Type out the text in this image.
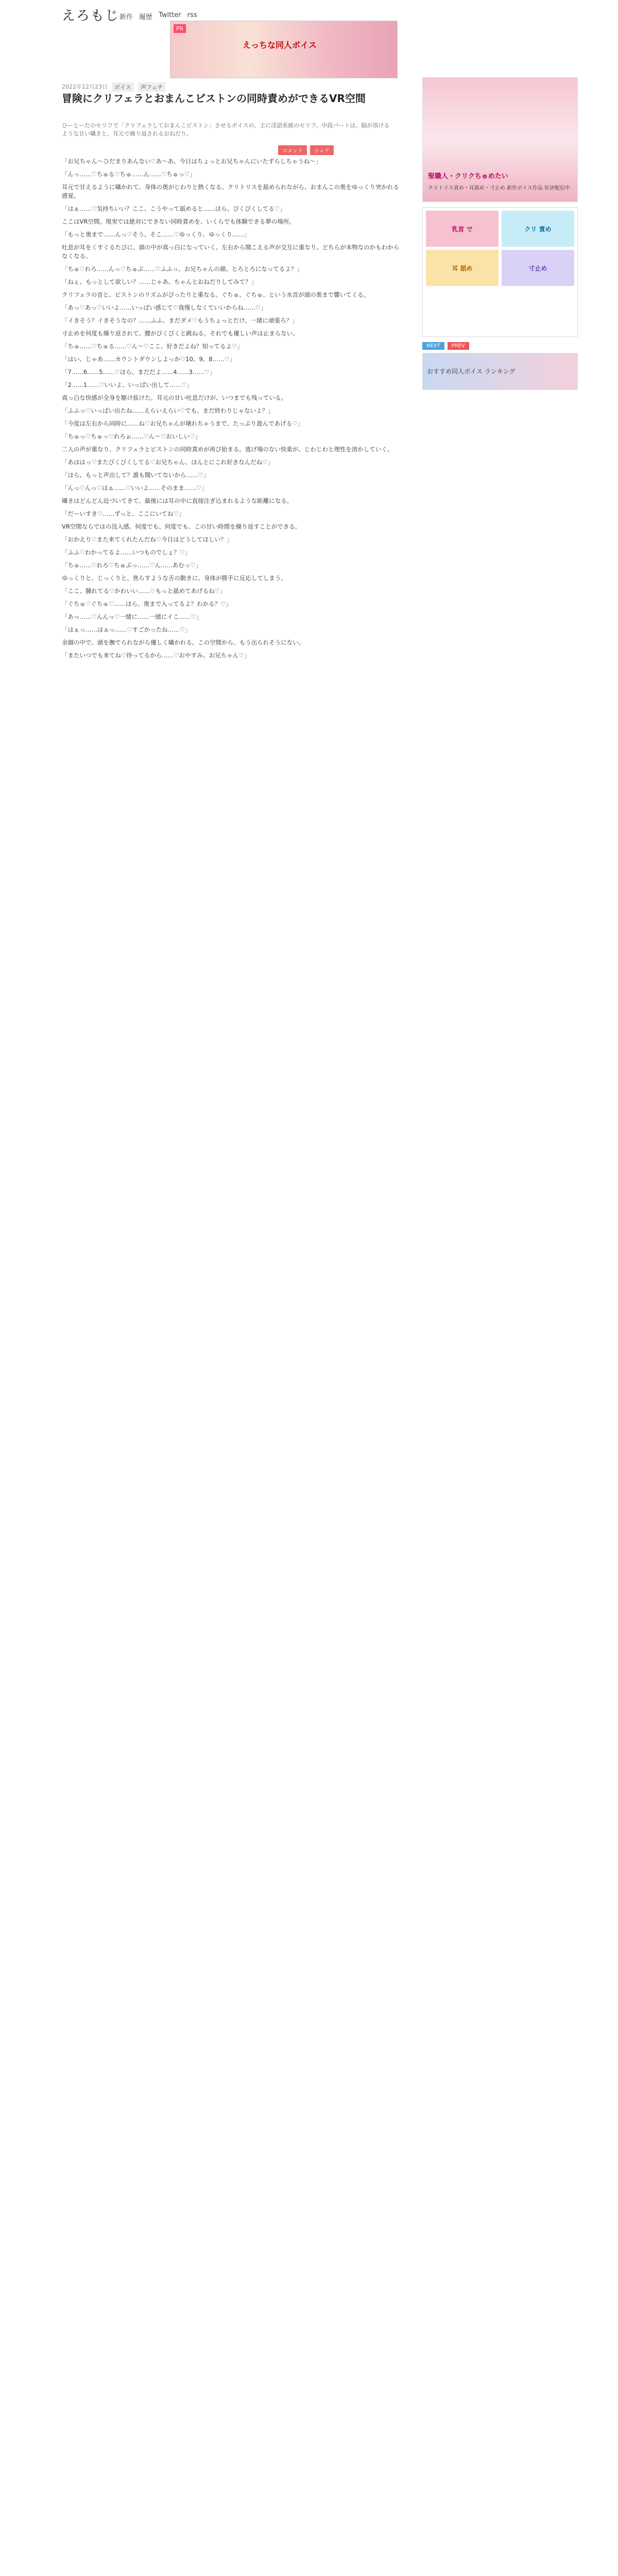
えろもじ 新作 履歴 Twitter rss
PR
えっちな同人ボイス
2022年12月23日	ボイス	声フェチ
冒険にクリフェラとおまんこピストンの同時責めができるVR空間
ひーとーだのセリフで「クリフェラしておまんこピストン」させるボイスの、主に淫語系統のセリフ。中段パートは、脳が溶けるような甘い囁きと、耳元で繰り返されるおねだり。
コメント	シェア

「お兄ちゃん〜ひだまりあんない♡あ〜あ、今日はちょっとお兄ちゃんにいたずらしちゃうね〜」

「んっ……♡ちゅる♡ちゅ……ん……♡ちゅっ♡」

耳元で甘えるように囁かれて、身体の奥がじわりと熱くなる。クリトリスを舐められながら、おまんこの奥をゆっくり突かれる感覚。

「はぁ……♡気持ちいい？ここ、こうやって舐めると……ほら、ぴくぴくしてる♡」

ここはVR空間。現実では絶対にできない同時責めを、いくらでも体験できる夢の場所。

「もっと奥まで……んっ♡そう、そこ……♡ゆっくり、ゆっくり……」

吐息が耳をくすぐるたびに、頭の中が真っ白になっていく。左右から聞こえる声が交互に重なり、どちらが本物なのかもわからなくなる。

「ちゅ♡れろ……んっ♡ちゅぷ……♡ふふっ、お兄ちゃんの顔、とろとろになってるよ？」

「ねぇ、もっとして欲しい？……じゃあ、ちゃんとおねだりしてみて？」

クリフェラの音と、ピストンのリズムがぴったりと重なる。ぐちゅ、ぐちゅ、という水音が頭の奥まで響いてくる。

「あっ♡あっ♡いいよ……いっぱい感じて♡我慢しなくていいからね……♡」

「イきそう？イきそうなの？……ふふ、まだダメ♡もうちょっとだけ、一緒に頑張ろ？」

寸止めを何度も繰り返されて、腰がびくびくと跳ねる。それでも優しい声は止まらない。

「ちゅ……♡ちゅる……♡ん〜♡ここ、好きだよね？知ってるよ♡」

「はい、じゃあ……カウントダウンしよっか♡10、9、8……♡」

「7……6……5……♡ほら、まだだよ……4……3……♡」

「2……1……♡いいよ、いっぱい出して……♡」

真っ白な快感が全身を駆け抜けた。耳元の甘い吐息だけが、いつまでも残っている。

「ふふっ♡いっぱい出たね……えらいえらい♡でも、まだ終わりじゃないよ？」

「今度は左右から同時に……ね♡お兄ちゃんが壊れちゃうまで、たっぷり遊んであげる♡」

「ちゅっ♡ちゅっ♡れろぉ……♡ん〜♡おいしい♡」

二人の声が重なり、クリフェラとピストンの同時責めが再び始まる。逃げ場のない快楽が、じわじわと理性を溶かしていく。

「あははっ♡またびくびくしてる♡お兄ちゃん、ほんとにこれ好きなんだね♡」

「ほら、もっと声出して？誰も聞いてないから……♡」

「んっ♡んっ♡はぁ……♡いいよ……そのまま……♡」

囁きはどんどん近づいてきて、最後には耳の中に直接注ぎ込まれるような距離になる。

「だーいすき♡……ずっと、ここにいてね♡」

VR空間ならではの没入感。何度でも、何度でも、この甘い時間を繰り返すことができる。

「おかえり♡また来てくれたんだね♡今日はどうしてほしい？」

「ふふ♡わかってるよ……いつものでしょ？♡」

「ちゅ……♡れろ♡ちゅぷっ……♡ん……あむっ♡」

ゆっくりと、じっくりと。焦らすような舌の動きに、身体が勝手に反応してしまう。

「ここ、腫れてる♡かわいい……♡もっと舐めてあげるね♡」

「ぐちゅ♡ぐちゅ♡……ほら、奥まで入ってるよ？わかる？♡」

「あっ……♡んんっ♡一緒に……一緒にイこ……♡」

「はぁっ……はぁっ……♡すごかったね……♡」

余韻の中で、頭を撫でられながら優しく囁かれる。この空間から、もう出られそうにない。

「またいつでも来てね♡待ってるから……♡おやすみ、お兄ちゃん♡」

聖職人・クリクちゅめたい
クリトリス責め・耳舐め・寸止め 新作ボイス作品 好評配信中
乳首 で	クリ 責め
耳 舐め	寸止め
NEXT	PREV
おすすめ同人ボイス ランキング
